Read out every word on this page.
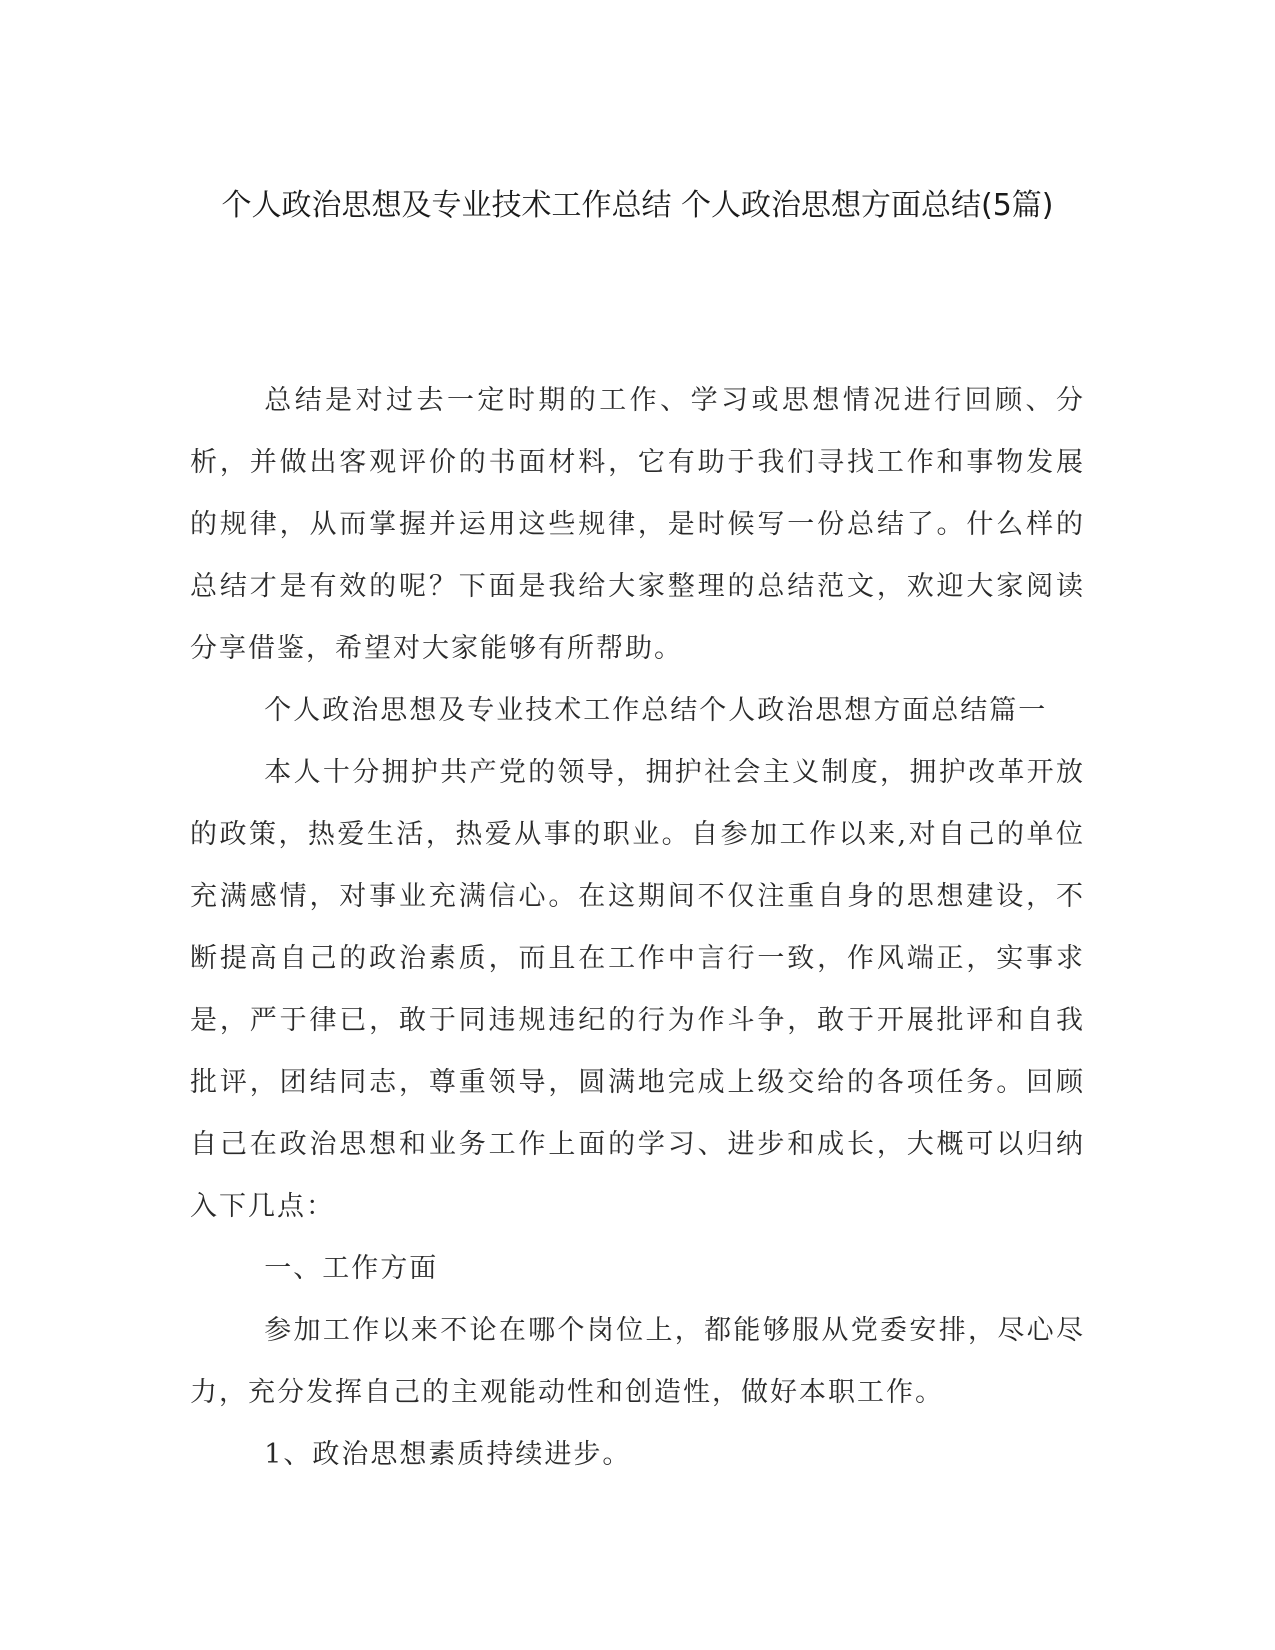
个人政治思想及专业技术工作总结 个人政治思想方面总结(5篇)

总结是对过去一定时期的工作、学习或思想情况进行回顾、分析，并做出客观评价的书面材料，它有助于我们寻找工作和事物发展的规律，从而掌握并运用这些规律，是时候写一份总结了。什么样的总结才是有效的呢？下面是我给大家整理的总结范文，欢迎大家阅读分享借鉴，希望对大家能够有所帮助。

个人政治思想及专业技术工作总结个人政治思想方面总结篇一

本人十分拥护共产党的领导，拥护社会主义制度，拥护改革开放的政策，热爱生活，热爱从事的职业。自参加工作以来,对自己的单位充满感情，对事业充满信心。在这期间不仅注重自身的思想建设，不断提高自己的政治素质，而且在工作中言行一致，作风端正，实事求是，严于律已，敢于同违规违纪的行为作斗争，敢于开展批评和自我批评，团结同志，尊重领导，圆满地完成上级交给的各项任务。回顾自己在政治思想和业务工作上面的学习、进步和成长，大概可以归纳入下几点：

一、工作方面

参加工作以来不论在哪个岗位上，都能够服从党委安排，尽心尽力，充分发挥自己的主观能动性和创造性，做好本职工作。

1、政治思想素质持续进步。
